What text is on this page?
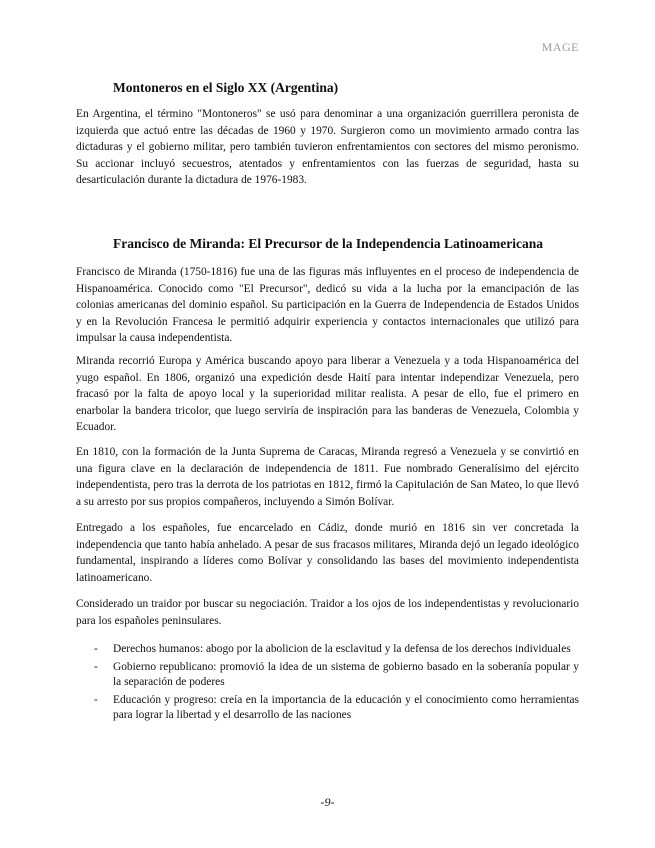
MAGE
Montoneros en el Siglo XX (Argentina)

En Argentina, el término "Montoneros" se usó para denominar a una organización guerrillera peronista de izquierda que actuó entre las décadas de 1960 y 1970. Surgieron como un movimiento armado contra las dictaduras y el gobierno militar, pero también tuvieron enfrentamientos con sectores del mismo peronismo. Su accionar incluyó secuestros, atentados y enfrentamientos con las fuerzas de seguridad, hasta su desarticulación durante la dictadura de 1976-1983.

Francisco de Miranda: El Precursor de la Independencia Latinoamericana

Francisco de Miranda (1750-1816) fue una de las figuras más influyentes en el proceso de independencia de Hispanoamérica. Conocido como "El Precursor", dedicó su vida a la lucha por la emancipación de las colonias americanas del dominio español. Su participación en la Guerra de Independencia de Estados Unidos y en la Revolución Francesa le permitió adquirir experiencia y contactos internacionales que utilizó para impulsar la causa independentista.

Miranda recorrió Europa y América buscando apoyo para liberar a Venezuela y a toda Hispanoamérica del yugo español. En 1806, organizó una expedición desde Haití para intentar independizar Venezuela, pero fracasó por la falta de apoyo local y la superioridad militar realista. A pesar de ello, fue el primero en enarbolar la bandera tricolor, que luego serviría de inspiración para las banderas de Venezuela, Colombia y Ecuador.

En 1810, con la formación de la Junta Suprema de Caracas, Miranda regresó a Venezuela y se convirtió en una figura clave en la declaración de independencia de 1811. Fue nombrado Generalísimo del ejército independentista, pero tras la derrota de los patriotas en 1812, firmó la Capitulación de San Mateo, lo que llevó a su arresto por sus propios compañeros, incluyendo a Simón Bolívar.

Entregado a los españoles, fue encarcelado en Cádiz, donde murió en 1816 sin ver concretada la independencia que tanto había anhelado. A pesar de sus fracasos militares, Miranda dejó un legado ideológico fundamental, inspirando a líderes como Bolívar y consolidando las bases del movimiento independentista latinoamericano.

Considerado un traidor por buscar su negociación. Traidor a los ojos de los independentistas y revolucionario para los españoles peninsulares.

- Derechos humanos: abogo por la abolicion de la esclavitud y la defensa de los derechos individuales
- Gobierno republicano: promovió la idea de un sistema de gobierno basado en la soberanía popular y la separación de poderes
- Educación y progreso: creía en la importancia de la educación y el conocimiento como herramientas para lograr la libertad y el desarrollo de las naciones
-9-
